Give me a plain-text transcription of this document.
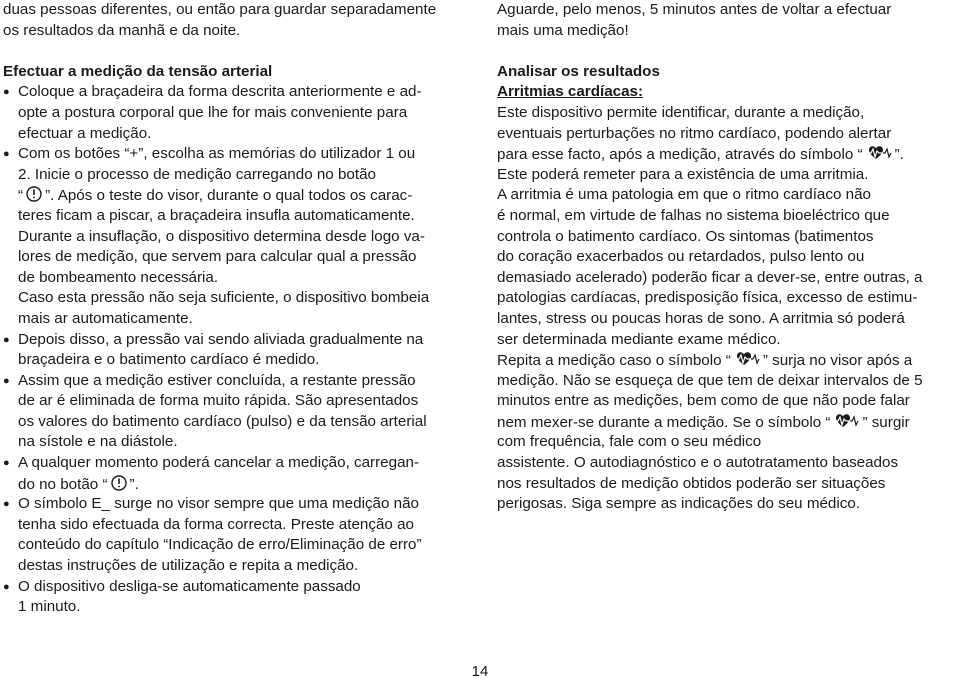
duas pessoas diferentes, ou então para guardar separadamente
os resultados da manhã e da noite.
Efectuar a medição da tensão arterial
●Coloque a braçadeira da forma descrita anteriormente e ad-
opte a postura corporal que lhe for mais conveniente para
efectuar a medição.
●Com os botões “+”, escolha as memórias do utilizador 1 ou
2. Inicie o processo de medição carregando no botão
“ ”. Após o teste do visor, durante o qual todos os carac-
teres ficam a piscar, a braçadeira insufla automaticamente.
Durante a insuflação, o dispositivo determina desde logo va-
lores de medição, que servem para calcular qual a pressão
de bombeamento necessária.
Caso esta pressão não seja suficiente, o dispositivo bombeia
mais ar automaticamente.
●Depois disso, a pressão vai sendo aliviada gradualmente na
braçadeira e o batimento cardíaco é medido.
●Assim que a medição estiver concluída, a restante pressão
de ar é eliminada de forma muito rápida. São apresentados
os valores do batimento cardíaco (pulso) e da tensão arterial
na sístole e na diástole.
●A qualquer momento poderá cancelar a medição, carregan-
do no botão “ ”.
●O símbolo E_ surge no visor sempre que uma medição não
tenha sido efectuada da forma correcta. Preste atenção ao
conteúdo do capítulo “Indicação de erro/Eliminação de erro”
destas instruções de utilização e repita a medição.
●O dispositivo desliga-se automaticamente passado
1 minuto.
Aguarde, pelo menos, 5 minutos antes de voltar a efectuar
mais uma medição!
Analisar os resultados
Arritmias cardíacas:
Este dispositivo permite identificar, durante a medição,
eventuais perturbações no ritmo cardíaco, podendo alertar
para esse facto, após a medição, através do símbolo “ ”.
Este poderá remeter para a existência de uma arritmia.
A arritmia é uma patologia em que o ritmo cardíaco não
é normal, em virtude de falhas no sistema bioeléctrico que
controla o batimento cardíaco. Os sintomas (batimentos
do coração exacerbados ou retardados, pulso lento ou
demasiado acelerado) poderão ficar a dever-se, entre outras, a
patologias cardíacas, predisposição física, excesso de estimu-
lantes, stress ou poucas horas de sono. A arritmia só poderá
ser determinada mediante exame médico.
Repita a medição caso o símbolo “ ” surja no visor após a
medição. Não se esqueça de que tem de deixar intervalos de 5
minutos entre as medições, bem como de que não pode falar
nem mexer-se durante a medição. Se o símbolo “ ” surgir
com frequência, fale com o seu médico
assistente. O autodiagnóstico e o autotratamento baseados
nos resultados de medição obtidos poderão ser situações
perigosas. Siga sempre as indicações do seu médico.
14
